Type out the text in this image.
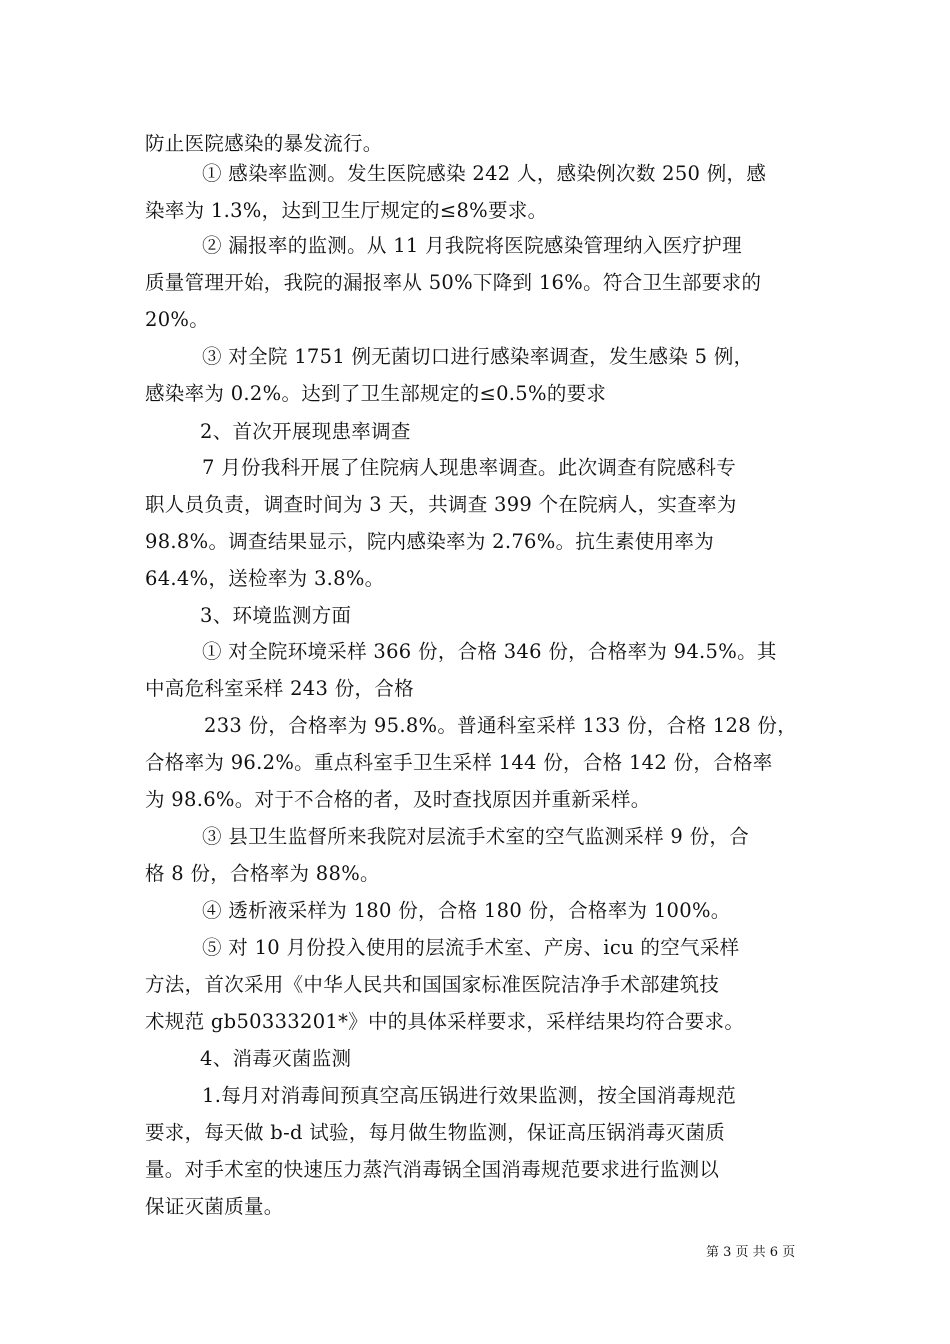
防止医院感染的暴发流行。
① 感染率监测。发生医院感染 242 人，感染例次数 250 例，感
染率为 1.3%，达到卫生厅规定的≤8%要求。
② 漏报率的监测。从 11 月我院将医院感染管理纳入医疗护理
质量管理开始，我院的漏报率从 50%下降到 16%。符合卫生部要求的
20%。
③ 对全院 1751 例无菌切口进行感染率调查，发生感染 5 例，
感染率为 0.2%。达到了卫生部规定的≤0.5%的要求
2、首次开展现患率调查
7 月份我科开展了住院病人现患率调查。此次调查有院感科专
职人员负责，调查时间为 3 天，共调查 399 个在院病人，实查率为
98.8%。调查结果显示，院内感染率为 2.76%。抗生素使用率为
64.4%，送检率为 3.8%。
3、环境监测方面
① 对全院环境采样 366 份，合格 346 份，合格率为 94.5%。其
中高危科室采样 243 份，合格
233 份，合格率为 95.8%。普通科室采样 133 份，合格 128 份，
合格率为 96.2%。重点科室手卫生采样 144 份，合格 142 份，合格率
为 98.6%。对于不合格的者，及时查找原因并重新采样。
③ 县卫生监督所来我院对层流手术室的空气监测采样 9 份，合
格 8 份，合格率为 88%。
④ 透析液采样为 180 份，合格 180 份，合格率为 100%。
⑤ 对 10 月份投入使用的层流手术室、产房、icu 的空气采样
方法，首次采用《中华人民共和国国家标准医院洁净手术部建筑技
术规范 gb50333201*》中的具体采样要求，采样结果均符合要求。
4、消毒灭菌监测
1.每月对消毒间预真空高压锅进行效果监测，按全国消毒规范
要求，每天做 b-d 试验，每月做生物监测，保证高压锅消毒灭菌质
量。对手术室的快速压力蒸汽消毒锅全国消毒规范要求进行监测以
保证灭菌质量。
第 3 页 共 6 页
